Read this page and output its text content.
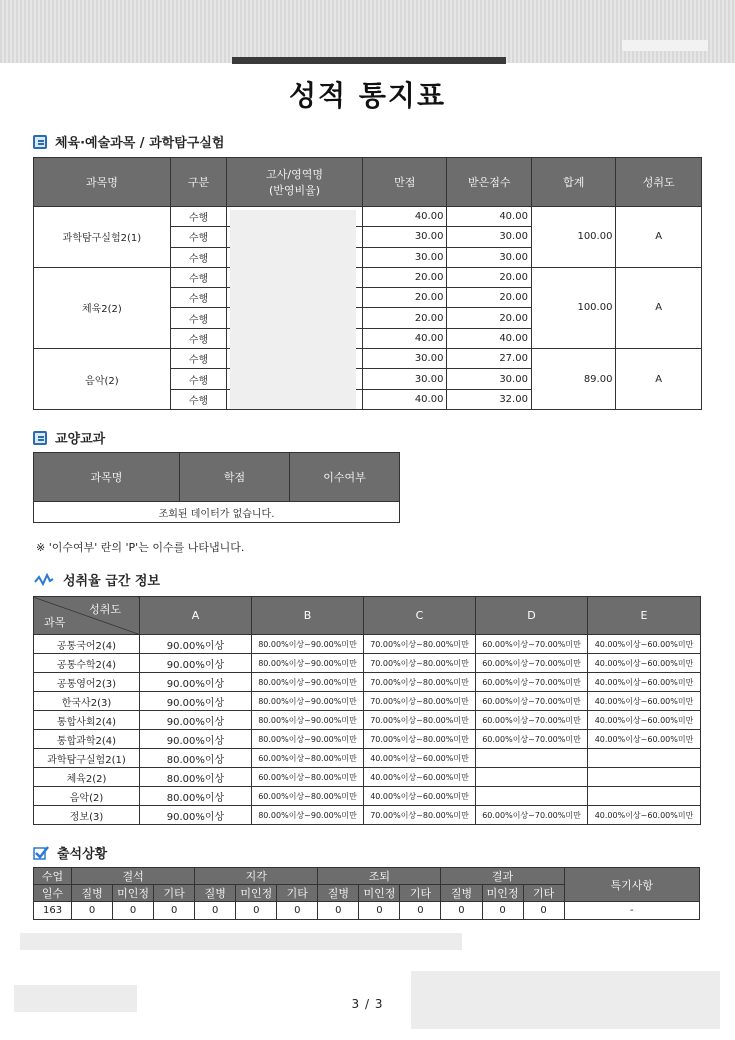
성적 통지표
체육·예술과목 / 과학탐구실험
과목명	구분	고사/영역명
(반영비율)	만점	받은점수	합계	성취도
과학탐구실험2(1)	수행		40.00	40.00	100.00	A
	수행		30.00	30.00		
	수행		30.00	30.00		
체육2(2)	수행		20.00	20.00	100.00	A
	수행		20.00	20.00		
	수행		20.00	20.00		
	수행		40.00	40.00		
음악(2)	수행		30.00	27.00	89.00	A
	수행		30.00	30.00		
	수행		40.00	32.00		
교양교과
과목명	학점	이수여부
조회된 데이터가 없습니다.
※ '이수여부' 란의 'P'는 이수를 나타냅니다.
성취율 급간 정보
성취도
과목	A	B	C	D	E
공통국어2(4)	90.00%이상	80.00%이상~90.00%미만	70.00%이상~80.00%미만	60.00%이상~70.00%미만	40.00%이상~60.00%미만
공통수학2(4)	90.00%이상	80.00%이상~90.00%미만	70.00%이상~80.00%미만	60.00%이상~70.00%미만	40.00%이상~60.00%미만
공통영어2(3)	90.00%이상	80.00%이상~90.00%미만	70.00%이상~80.00%미만	60.00%이상~70.00%미만	40.00%이상~60.00%미만
한국사2(3)	90.00%이상	80.00%이상~90.00%미만	70.00%이상~80.00%미만	60.00%이상~70.00%미만	40.00%이상~60.00%미만
통합사회2(4)	90.00%이상	80.00%이상~90.00%미만	70.00%이상~80.00%미만	60.00%이상~70.00%미만	40.00%이상~60.00%미만
통합과학2(4)	90.00%이상	80.00%이상~90.00%미만	70.00%이상~80.00%미만	60.00%이상~70.00%미만	40.00%이상~60.00%미만
과학탐구실험2(1)	80.00%이상	60.00%이상~80.00%미만	40.00%이상~60.00%미만		
체육2(2)	80.00%이상	60.00%이상~80.00%미만	40.00%이상~60.00%미만		
음악(2)	80.00%이상	60.00%이상~80.00%미만	40.00%이상~60.00%미만		
정보(3)	90.00%이상	80.00%이상~90.00%미만	70.00%이상~80.00%미만	60.00%이상~70.00%미만	40.00%이상~60.00%미만
출석상황
수업	결석			지각			조퇴			결과			특기사항
일수	질병	미인정	기타	질병	미인정	기타	질병	미인정	기타	질병	미인정	기타	
163	0	0	0	0	0	0	0	0	0	0	0	0	-
3 / 3
